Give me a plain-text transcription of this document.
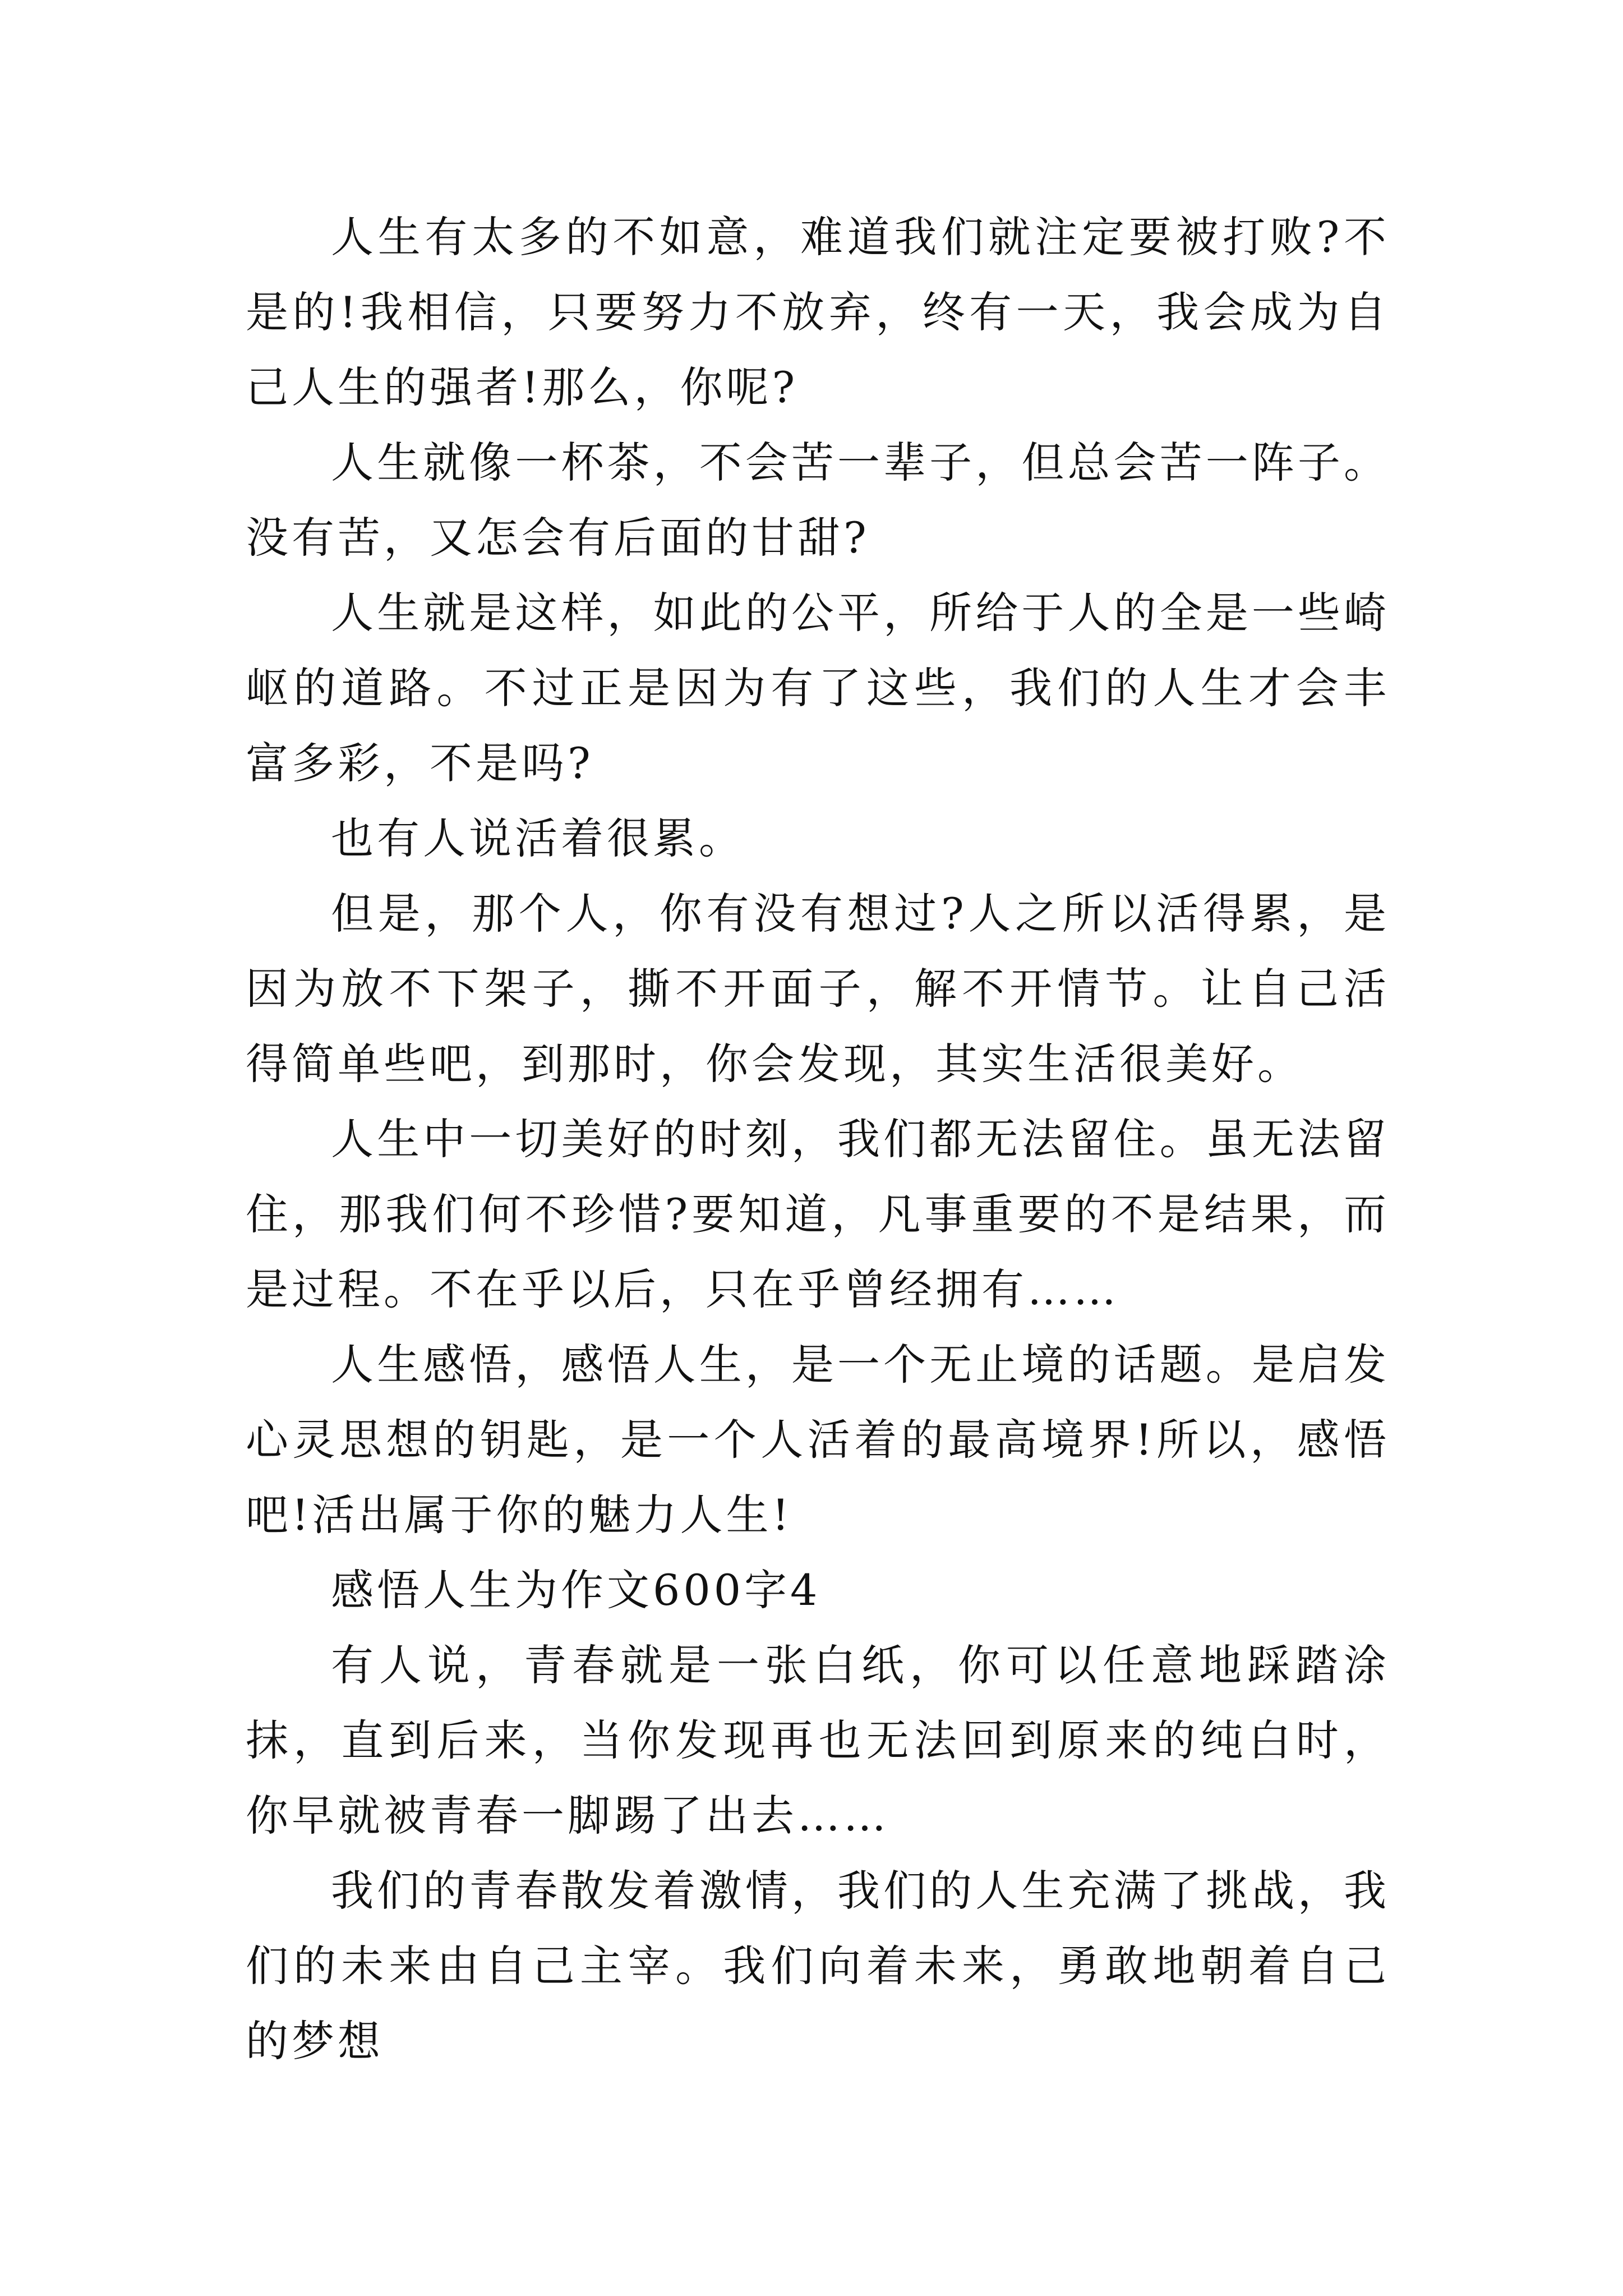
人生有太多的不如意，难道我们就注定要被打败?不是的!我相信，只要努力不放弃，终有一天，我会成为自己人生的强者!那么，你呢?

人生就像一杯茶，不会苦一辈子，但总会苦一阵子。没有苦，又怎会有后面的甘甜?

人生就是这样，如此的公平，所给于人的全是一些崎岖的道路。不过正是因为有了这些，我们的人生才会丰富多彩，不是吗?

也有人说活着很累。

但是，那个人，你有没有想过?人之所以活得累，是因为放不下架子，撕不开面子，解不开情节。让自己活得简单些吧，到那时，你会发现，其实生活很美好。

人生中一切美好的时刻，我们都无法留住。虽无法留住，那我们何不珍惜?要知道，凡事重要的不是结果，而是过程。不在乎以后，只在乎曾经拥有……

人生感悟，感悟人生，是一个无止境的话题。是启发心灵思想的钥匙，是一个人活着的最高境界!所以，感悟吧!活出属于你的魅力人生!

感悟人生为作文600字4

有人说，青春就是一张白纸，你可以任意地踩踏涂抹，直到后来，当你发现再也无法回到原来的纯白时，你早就被青春一脚踢了出去……

我们的青春散发着激情，我们的人生充满了挑战，我们的未来由自己主宰。我们向着未来，勇敢地朝着自己的梦想
